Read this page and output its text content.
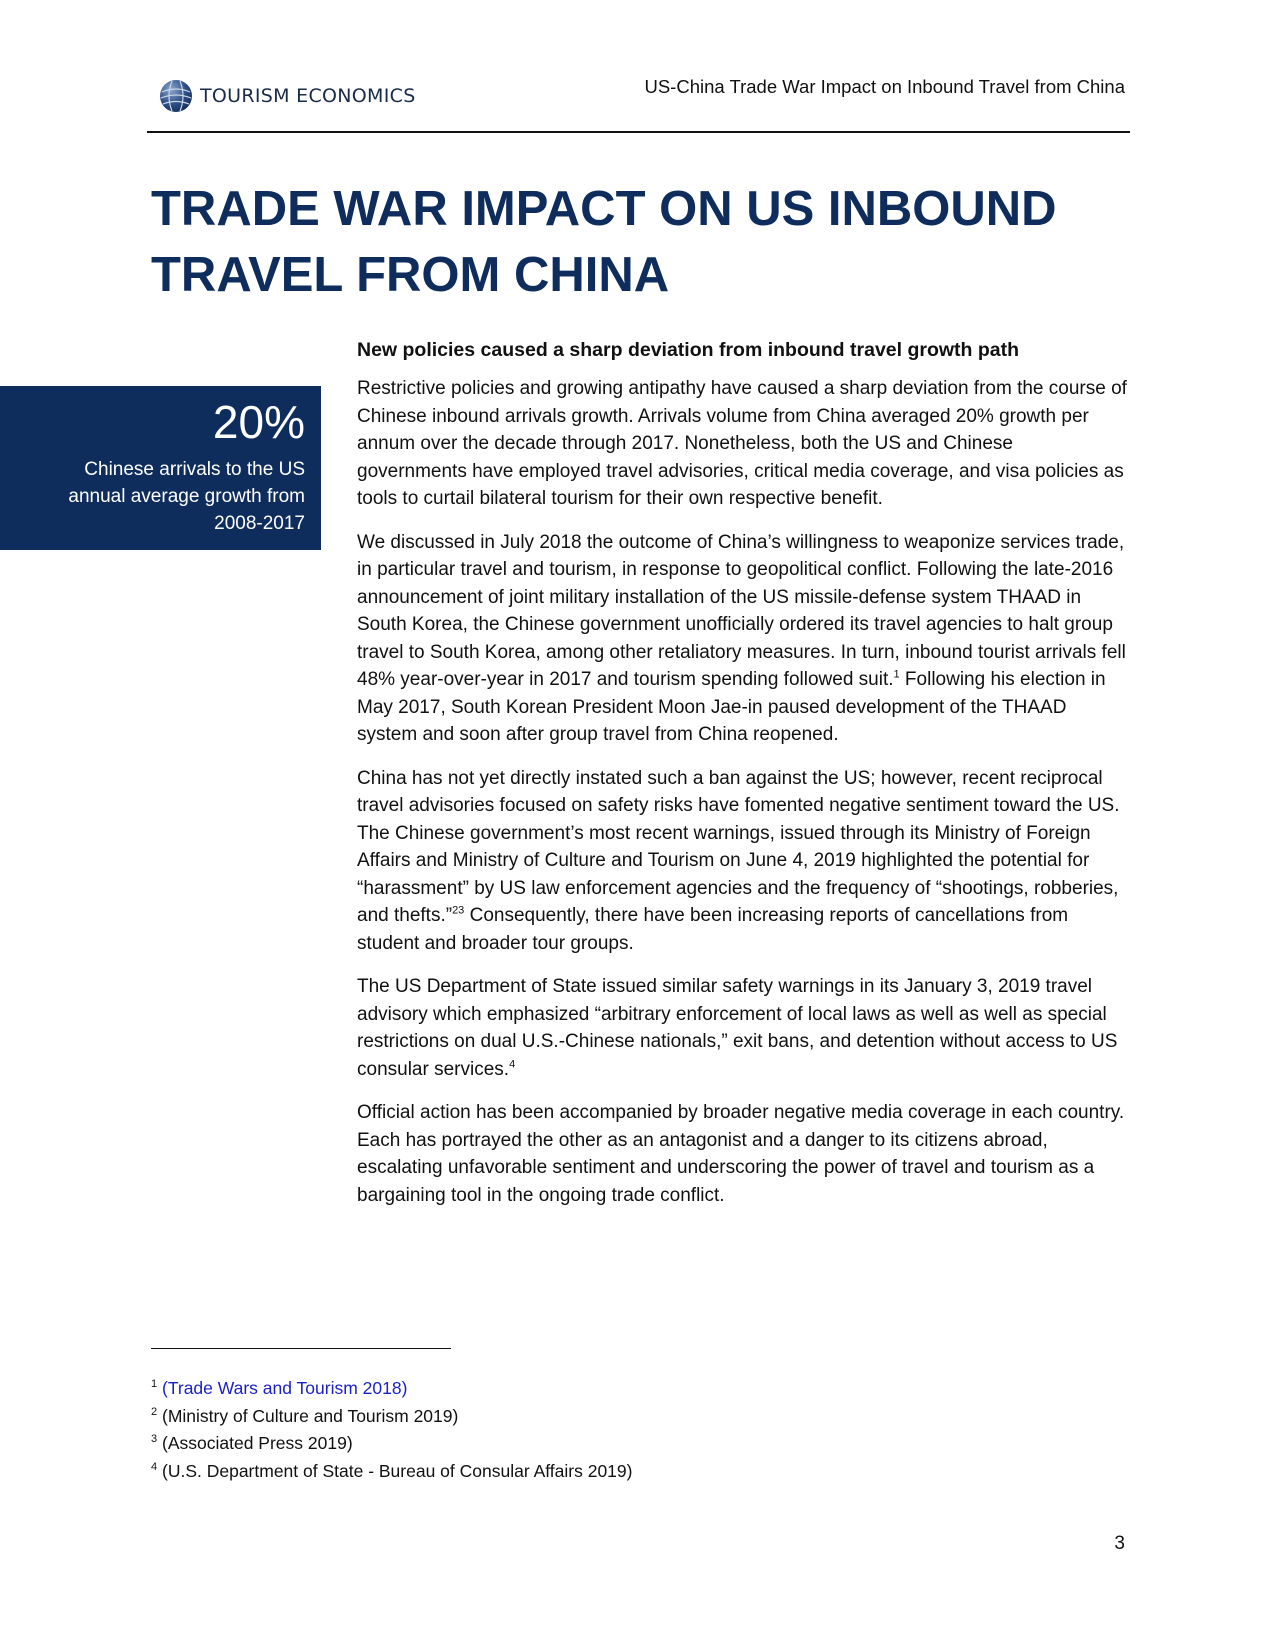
TOURISM ECONOMICS	US-China Trade War Impact on Inbound Travel from China
TRADE WAR IMPACT ON US INBOUND
TRAVEL FROM CHINA
20%
Chinese arrivals to the US
annual average growth from
2008-2017

New policies caused a sharp deviation from inbound travel growth path

Restrictive policies and growing antipathy have caused a sharp deviation from the course of Chinese inbound arrivals growth. Arrivals volume from China averaged 20% growth per annum over the decade through 2017. Nonetheless, both the US and Chinese governments have employed travel advisories, critical media coverage, and visa policies as tools to curtail bilateral tourism for their own respective benefit.

We discussed in July 2018 the outcome of China’s willingness to weaponize services trade, in particular travel and tourism, in response to geopolitical conflict. Following the late-2016 announcement of joint military installation of the US missile-defense system THAAD in South Korea, the Chinese government unofficially ordered its travel agencies to halt group travel to South Korea, among other retaliatory measures. In turn, inbound tourist arrivals fell 48% year-over-year in 2017 and tourism spending followed suit.$^1$ Following his election in May 2017, South Korean President Moon Jae-in paused development of the THAAD system and soon after group travel from China reopened.

China has not yet directly instated such a ban against the US; however, recent reciprocal travel advisories focused on safety risks have fomented negative sentiment toward the US. The Chinese government’s most recent warnings, issued through its Ministry of Foreign Affairs and Ministry of Culture and Tourism on June 4, 2019 highlighted the potential for “harassment” by US law enforcement agencies and the frequency of “shootings, robberies, and thefts.”$^{23}$ Consequently, there have been increasing reports of cancellations from student and broader tour groups.

The US Department of State issued similar safety warnings in its January 3, 2019 travel advisory which emphasized “arbitrary enforcement of local laws as well as well as special restrictions on dual U.S.-Chinese nationals,” exit bans, and detention without access to US consular services.$^4$

Official action has been accompanied by broader negative media coverage in each country. Each has portrayed the other as an antagonist and a danger to its citizens abroad, escalating unfavorable sentiment and underscoring the power of travel and tourism as a bargaining tool in the ongoing trade conflict.

$^1$ (Trade Wars and Tourism 2018)
$^2$ (Ministry of Culture and Tourism 2019)
$^3$ (Associated Press 2019)
$^4$ (U.S. Department of State - Bureau of Consular Affairs 2019)
3
